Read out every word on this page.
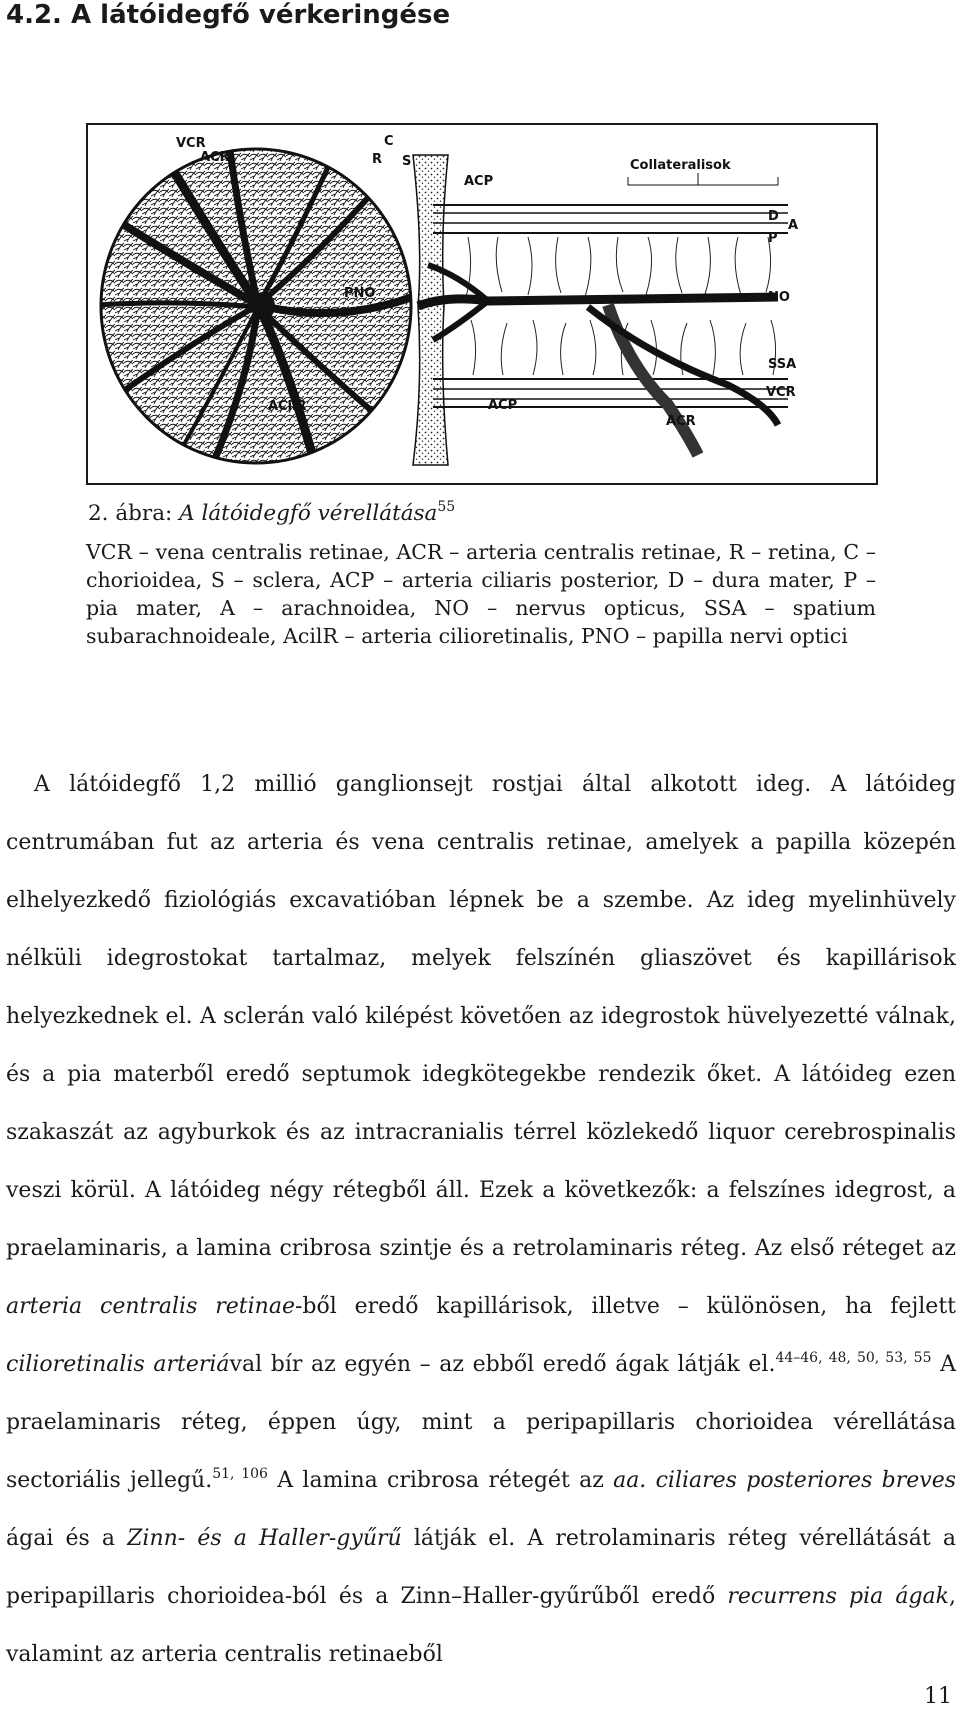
4.2. A látóidegfő vérkeringése
VCR
ACR
C
R S
ACP
Collateralisok
D
A
P
PNO	NO
SSA
VCR
ACilR	ACP
ACR
2. ábra: A látóidegfő vérellátása$^{55}$
VCR – vena centralis retinae, ACR – arteria centralis retinae, R – retina, C – chorioidea, S – sclera, ACP – arteria ciliaris posterior, D – dura mater, P – pia mater, A – arachnoidea, NO – nervus opticus, SSA – spatium subarachnoideale, AcilR – arteria cilioretinalis, PNO – papilla nervi optici

A látóidegfő 1,2 millió ganglionsejt rostjai által alkotott ideg. A látóideg centrumában fut az arteria és vena centralis retinae, amelyek a papilla közepén elhelyezkedő fiziológiás excavatióban lépnek be a szembe. Az ideg myelinhüvely nélküli idegrostokat tartalmaz, melyek felszínén gliaszövet és kapillárisok helyezkednek el. A sclerán való kilépést követően az idegrostok hüvelyezetté válnak, és a pia materből eredő septumok idegkötegekbe rendezik őket. A látóideg ezen szakaszát az agyburkok és az intracranialis térrel közlekedő liquor cerebrospinalis veszi körül. A látóideg négy rétegből áll. Ezek a következők: a felszínes idegrost, a praelaminaris, a lamina cribrosa szintje és a retrolaminaris réteg. Az első réteget az arteria centralis retinae-ből eredő kapillárisok, illetve – különösen, ha fejlett cilioretinalis arteriával bír az egyén – az ebből eredő ágak látják el.$^{44-46, 48, 50, 53, 55}$ A praelaminaris réteg, éppen úgy, mint a peripapillaris chorioidea vérellátása sectoriális jellegű.$^{51, 106}$ A lamina cribrosa rétegét az aa. ciliares posteriores breves ágai és a Zinn- és a Haller-gyűrű látják el. A retrolaminaris réteg vérellátását a peripapillaris chorioidea-ból és a Zinn–Haller-gyűrűből eredő recurrens pia ágak, valamint az arteria centralis retinaeből

11
